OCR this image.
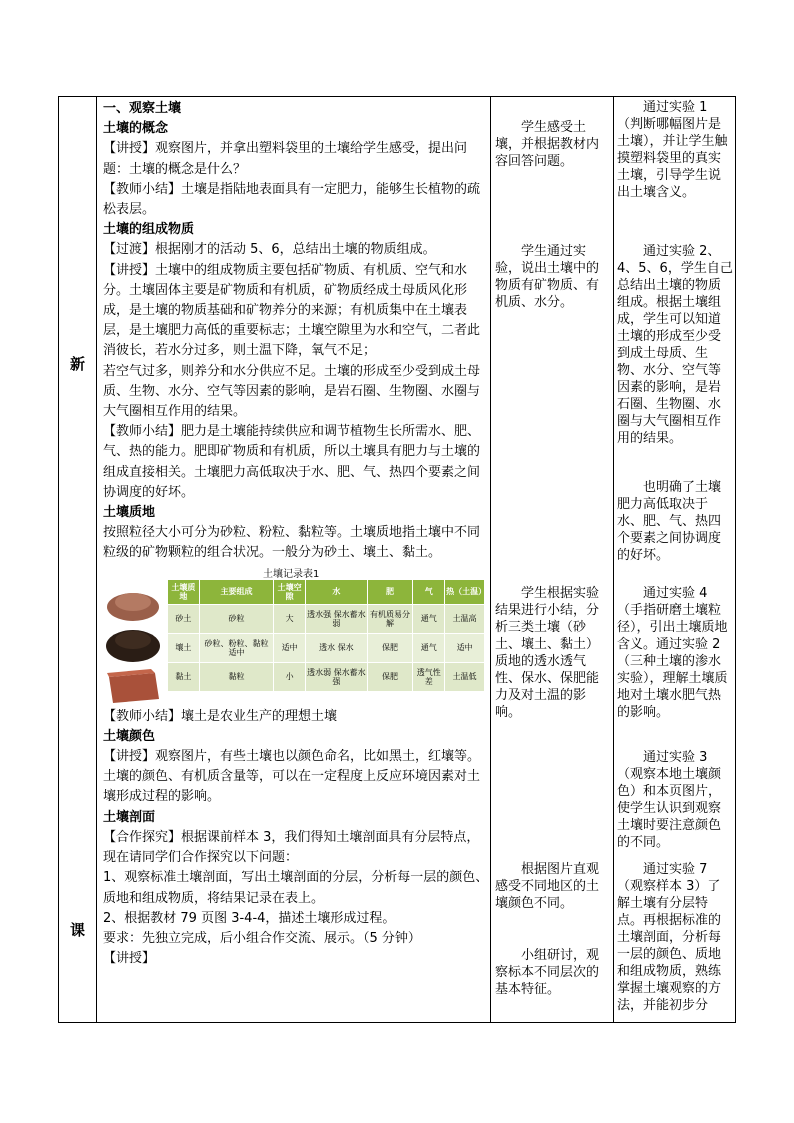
新
课

一、观察土壤

土壤的概念

【讲授】观察图片，并拿出塑料袋里的土壤给学生感受，提出问题：土壤的概念是什么？

【教师小结】土壤是指陆地表面具有一定肥力，能够生长植物的疏松表层。

土壤的组成物质

【过渡】根据刚才的活动 5、6，总结出土壤的物质组成。

【讲授】土壤中的组成物质主要包括矿物质、有机质、空气和水分。土壤固体主要是矿物质和有机质，矿物质经成土母质风化形成，是土壤的物质基础和矿物养分的来源；有机质集中在土壤表层，是土壤肥力高低的重要标志；土壤空隙里为水和空气，二者此消彼长，若水分过多，则土温下降，氧气不足；

若空气过多，则养分和水分供应不足。土壤的形成至少受到成土母质、生物、水分、空气等因素的影响，是岩石圈、生物圈、水圈与大气圈相互作用的结果。

【教师小结】肥力是土壤能持续供应和调节植物生长所需水、肥、气、热的能力。肥即矿物质和有机质，所以土壤具有肥力与土壤的组成直接相关。土壤肥力高低取决于水、肥、气、热四个要素之间协调度的好坏。

土壤质地

按照粒径大小可分为砂粒、粉粒、黏粒等。土壤质地指土壤中不同粒级的矿物颗粒的组合状况。一般分为砂土、壤土、黏土。

土壤记录表1
土壤质地	主要组成	土壤空隙	水	肥	气	热（土温）
砂土	砂粒	大	透水强 保水蓄水弱	有机质易分解	通气	土温高
壤土	砂粒、粉粒、黏粒适中	适中	透水 保水	保肥	通气	适中
黏土	黏粒	小	透水弱 保水蓄水强	保肥	透气性差	土温低

【教师小结】壤土是农业生产的理想土壤

土壤颜色

【讲授】观察图片，有些土壤也以颜色命名，比如黑土，红壤等。土壤的颜色、有机质含量等，可以在一定程度上反应环境因素对土壤形成过程的影响。

土壤剖面

【合作探究】根据课前样本 3，我们得知土壤剖面具有分层特点，现在请同学们合作探究以下问题：

1、观察标准土壤剖面，写出土壤剖面的分层，分析每一层的颜色、质地和组成物质，将结果记录在表上。

2、根据教材 79 页图 3-4-4，描述土壤形成过程。

要求：先独立完成，后小组合作交流、展示。（5 分钟）

【讲授】

学生感受土壤，并根据教材内容回答问题。

学生通过实验，说出土壤中的物质有矿物质、有机质、水分。

学生根据实验结果进行小结，分析三类土壤（砂土、壤土、黏土）质地的透水透气性、保水、保肥能力及对土温的影响。

根据图片直观感受不同地区的土壤颜色不同。

小组研讨，观察标本不同层次的基本特征。

通过实验 1（判断哪幅图片是土壤），并让学生触摸塑料袋里的真实土壤，引导学生说出土壤含义。

通过实验 2、4、5、6，学生自己总结出土壤的物质组成。根据土壤组成，学生可以知道土壤的形成至少受到成土母质、生物、水分、空气等因素的影响，是岩石圈、生物圈、水圈与大气圈相互作用的结果。

也明确了土壤肥力高低取决于水、肥、气、热四个要素之间协调度的好坏。

通过实验 4（手指研磨土壤粒径），引出土壤质地含义。通过实验 2（三种土壤的渗水实验），理解土壤质地对土壤水肥气热的影响。

通过实验 3（观察本地土壤颜色）和本页图片，使学生认识到观察土壤时要注意颜色的不同。

通过实验 7（观察样本 3）了解土壤有分层特点。再根据标准的土壤剖面，分析每一层的颜色、质地和组成物质，熟练掌握土壤观察的方法，并能初步分
